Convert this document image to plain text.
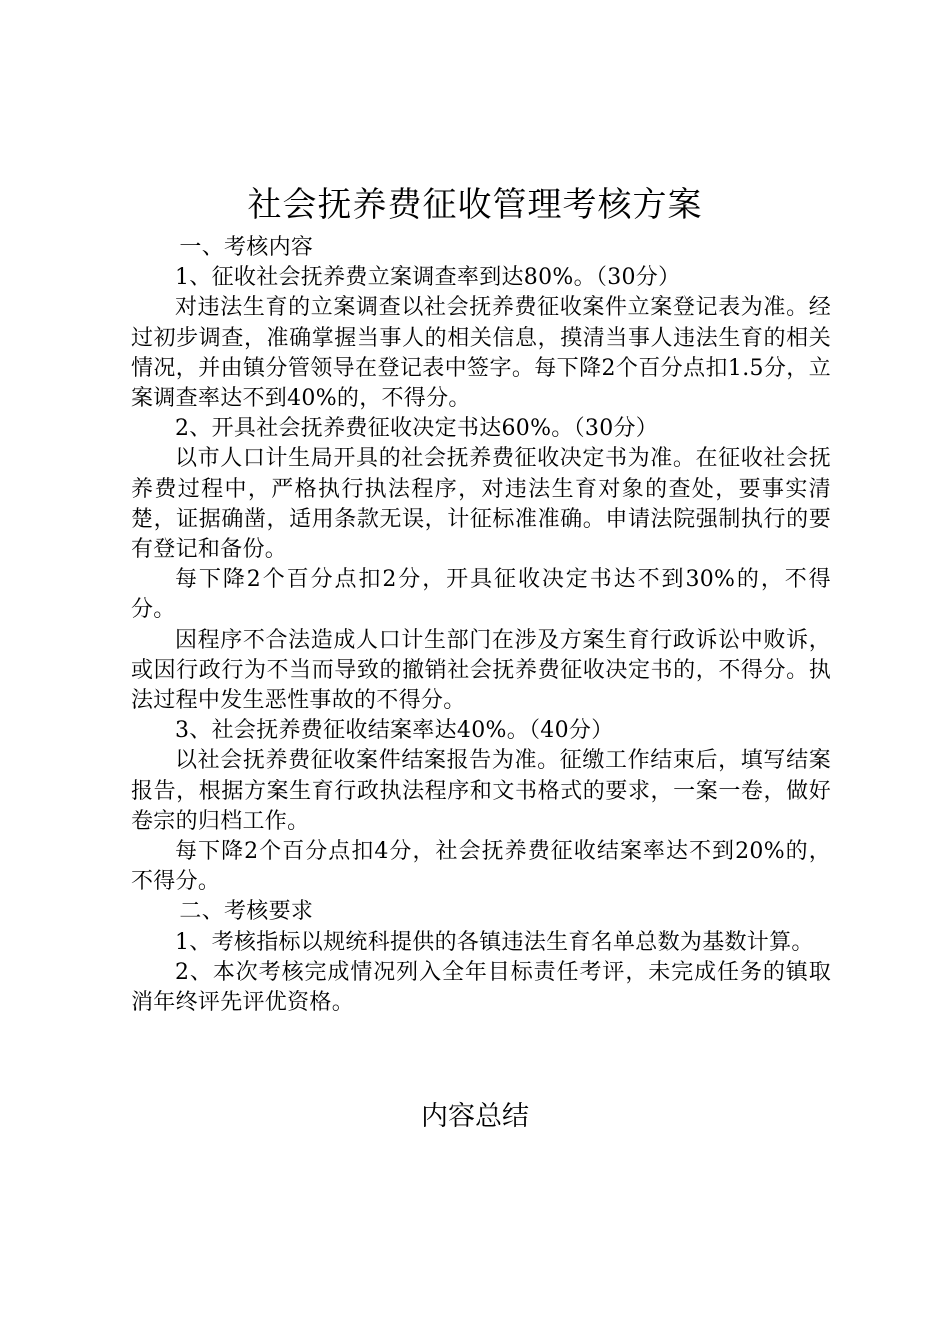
社会抚养费征收管理考核方案

一、考核内容

1、征收社会抚养费立案调查率到达80%。（30分）

对违法生育的立案调查以社会抚养费征收案件立案登记表为准。经过初步调查，准确掌握当事人的相关信息，摸清当事人违法生育的相关情况，并由镇分管领导在登记表中签字。每下降2个百分点扣1.5分，立案调查率达不到40%的，不得分。

2、开具社会抚养费征收决定书达60%。（30分）

以市人口计生局开具的社会抚养费征收决定书为准。在征收社会抚养费过程中，严格执行执法程序，对违法生育对象的查处，要事实清楚，证据确凿，适用条款无误，计征标准准确。申请法院强制执行的要有登记和备份。

每下降2个百分点扣2分，开具征收决定书达不到30%的，不得分。

因程序不合法造成人口计生部门在涉及方案生育行政诉讼中败诉，或因行政行为不当而导致的撤销社会抚养费征收决定书的，不得分。执法过程中发生恶性事故的不得分。

3、社会抚养费征收结案率达40%。（40分）

以社会抚养费征收案件结案报告为准。征缴工作结束后，填写结案报告，根据方案生育行政执法程序和文书格式的要求，一案一卷，做好卷宗的归档工作。

每下降2个百分点扣4分，社会抚养费征收结案率达不到20%的，不得分。

二、考核要求

1、考核指标以规统科提供的各镇违法生育名单总数为基数计算。

2、本次考核完成情况列入全年目标责任考评，未完成任务的镇取消年终评先评优资格。

内容总结
